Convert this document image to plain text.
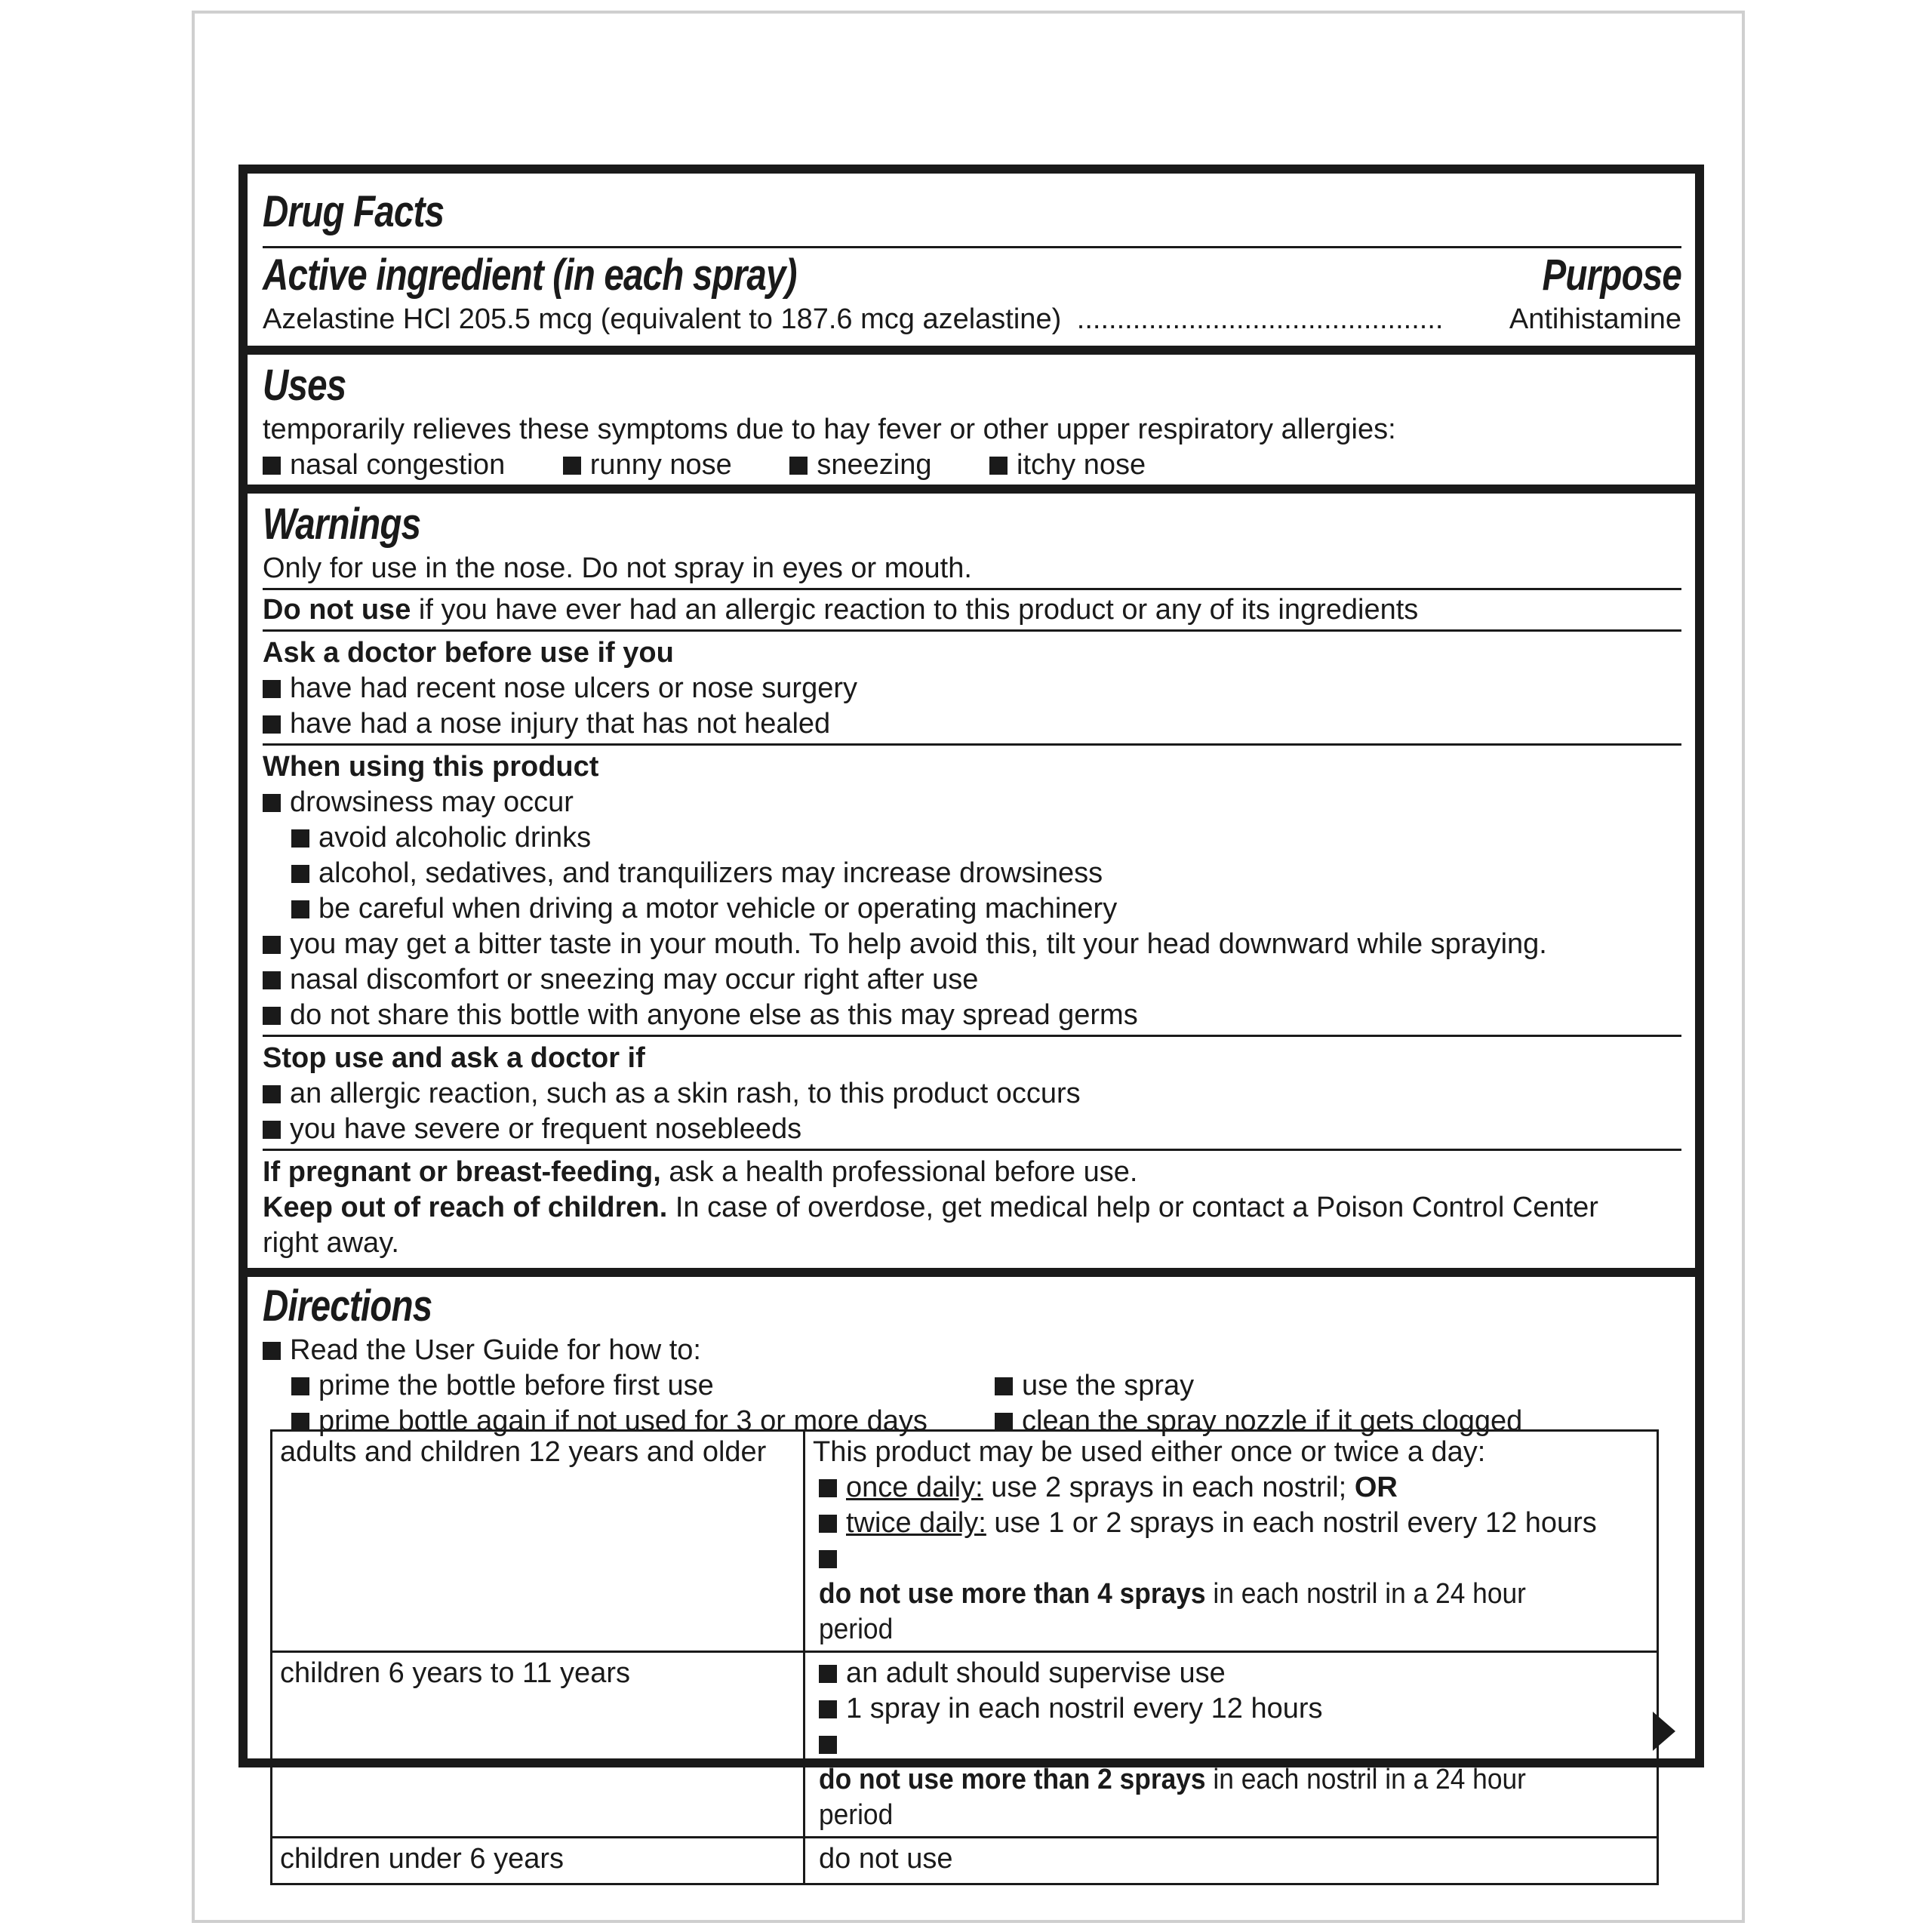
Drug Facts
Active ingredient (in each spray)	Purpose
Azelastine HCl 205.5 mcg (equivalent to 187.6 mcg azelastine) .............................................. Antihistamine
Uses
temporarily relieves these symptoms due to hay fever or other upper respiratory allergies:
nasal congestion	runny nose	sneezing	itchy nose
Warnings
Only for use in the nose. Do not spray in eyes or mouth.
Do not use if you have ever had an allergic reaction to this product or any of its ingredients
Ask a doctor before use if you
have had recent nose ulcers or nose surgery
have had a nose injury that has not healed
When using this product
drowsiness may occur
avoid alcoholic drinks
alcohol, sedatives, and tranquilizers may increase drowsiness
be careful when driving a motor vehicle or operating machinery
you may get a bitter taste in your mouth. To help avoid this, tilt your head downward while spraying.
nasal discomfort or sneezing may occur right after use
do not share this bottle with anyone else as this may spread germs
Stop use and ask a doctor if
an allergic reaction, such as a skin rash, to this product occurs
you have severe or frequent nosebleeds
If pregnant or breast-feeding, ask a health professional before use.
Keep out of reach of children. In case of overdose, get medical help or contact a Poison Control Center
right away.
Directions
Read the User Guide for how to:
prime the bottle before first use	use the spray
prime bottle again if not used for 3 or more days	clean the spray nozzle if it gets clogged
adults and children 12 years and older	This product may be used either once or twice a day:
once daily: use 2 sprays in each nostril; OR
twice daily: use 1 or 2 sprays in each nostril every 12 hours
do not use more than 4 sprays in each nostril in a 24 hour period

children 6 years to 11 years	an adult should supervise use
1 spray in each nostril every 12 hours
do not use more than 2 sprays in each nostril in a 24 hour period

children under 6 years	do not use
